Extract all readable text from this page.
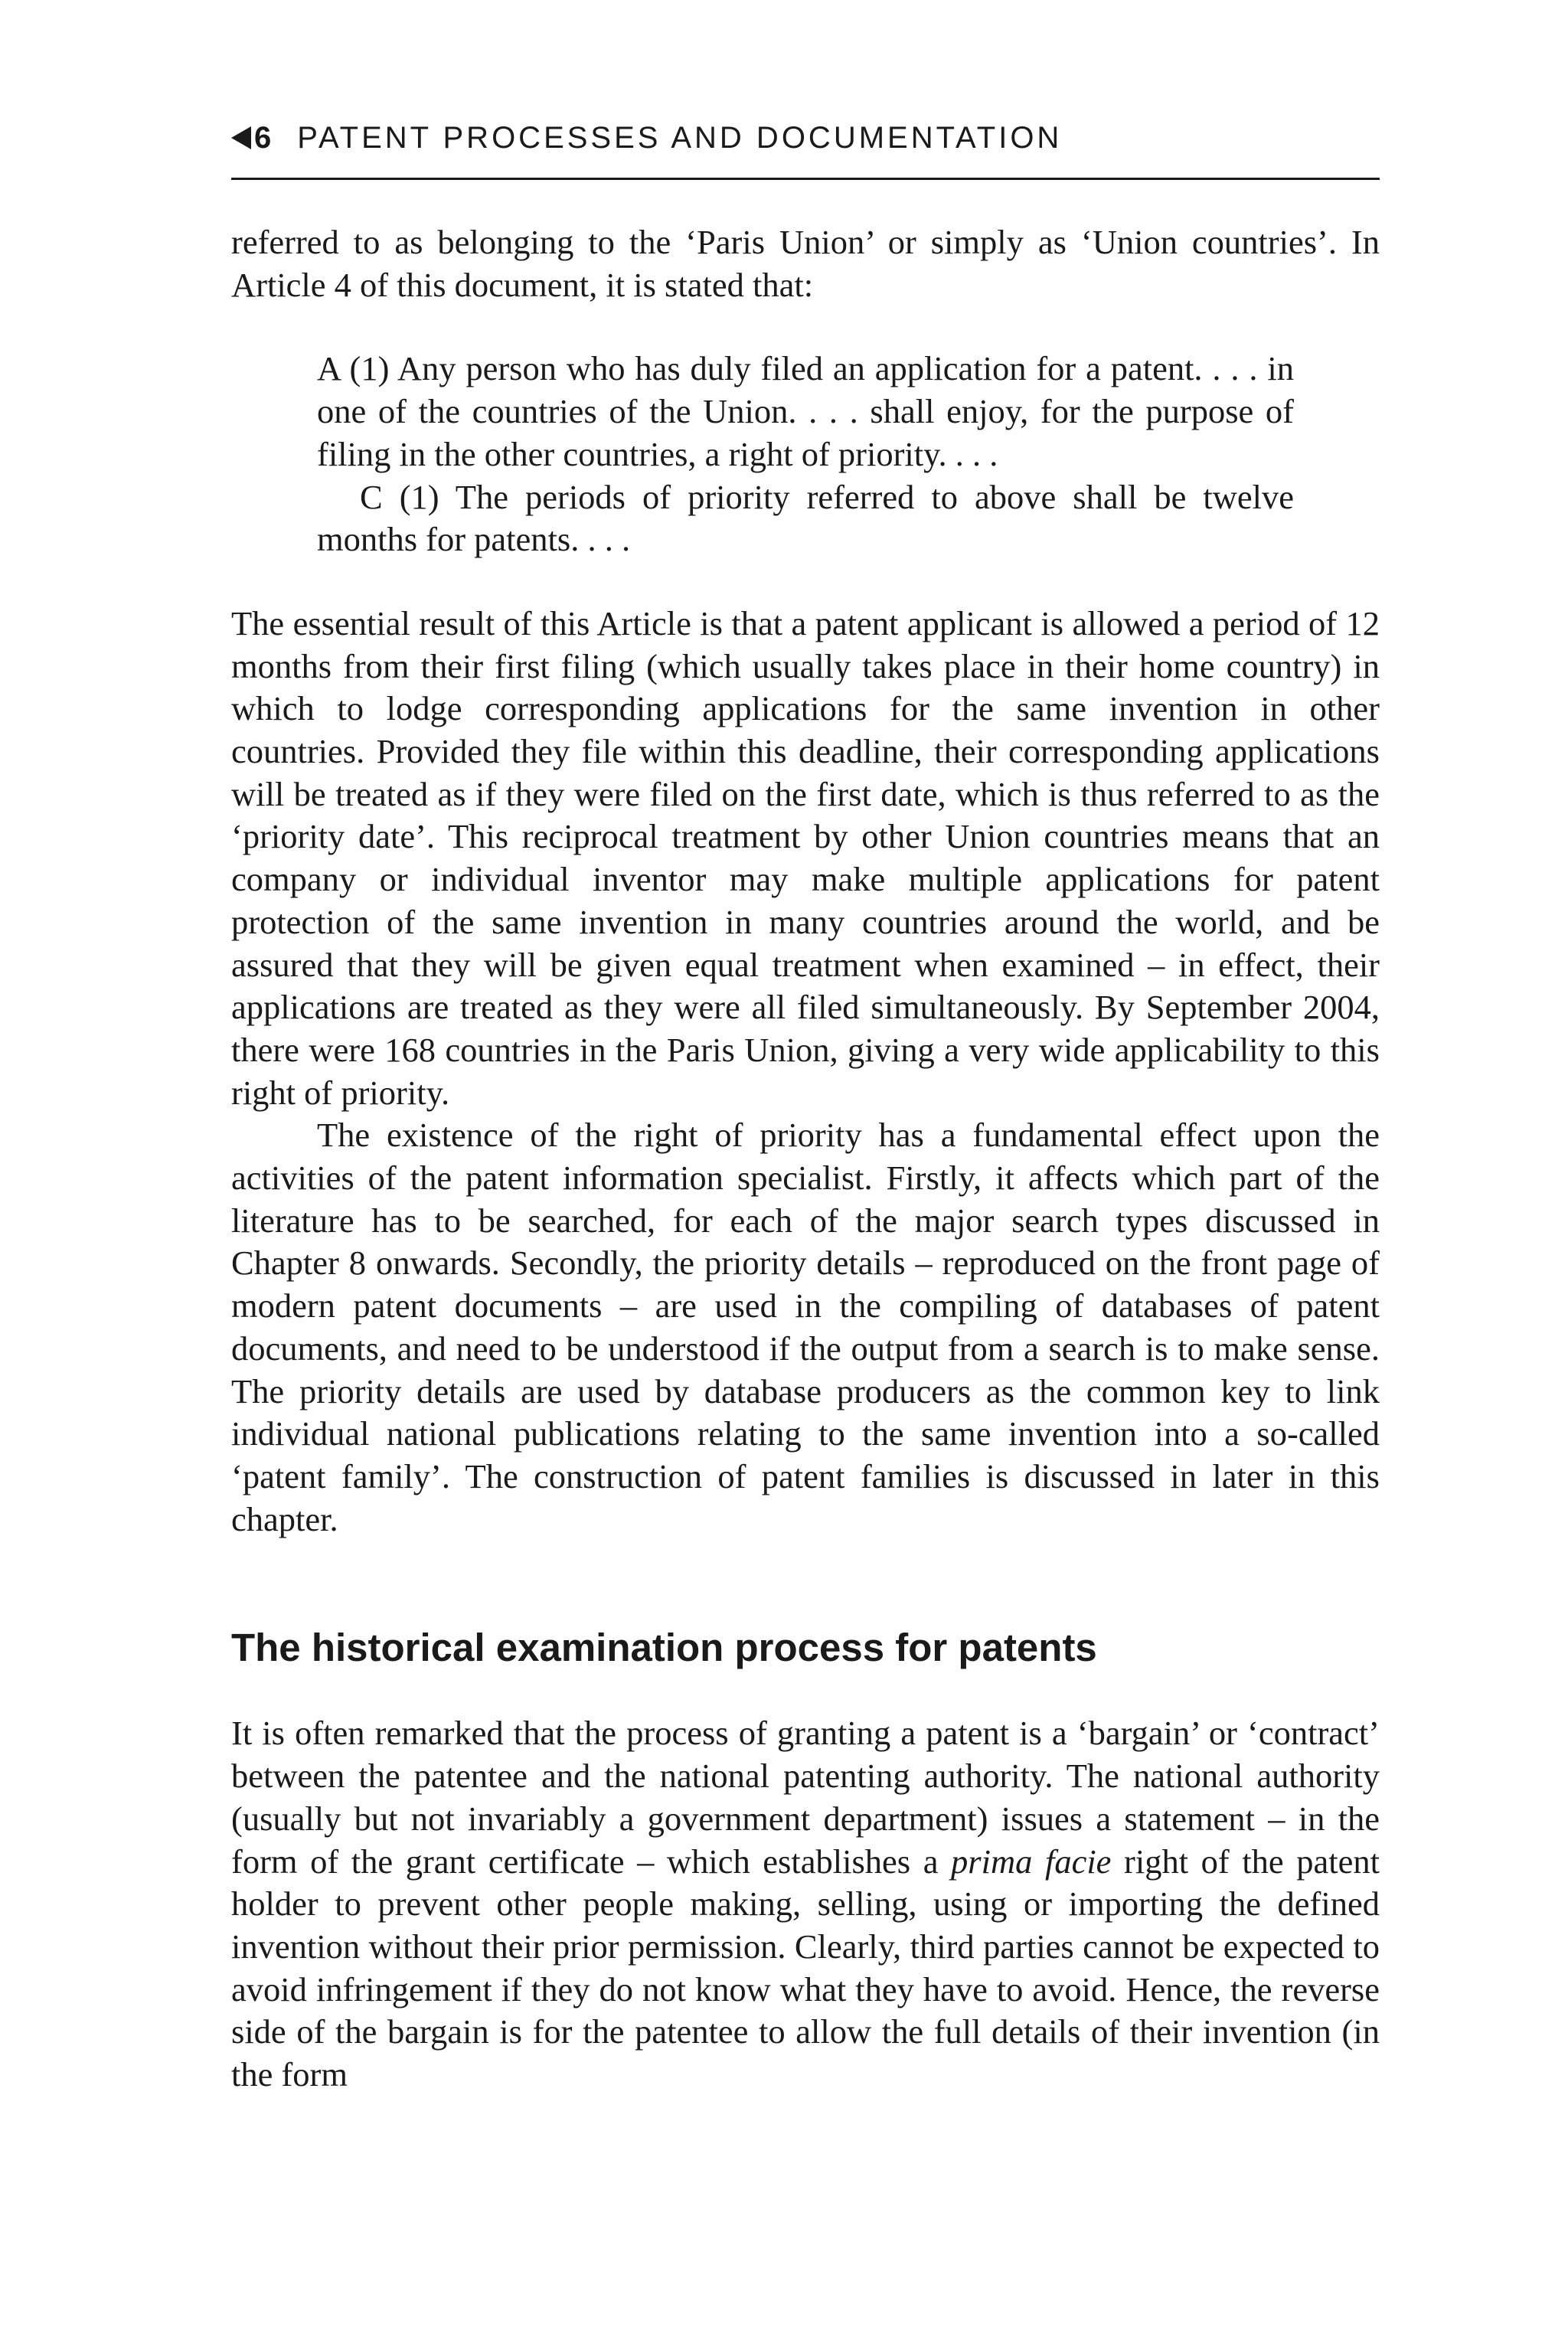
6 PATENT PROCESSES AND DOCUMENTATION

referred to as belonging to the ‘Paris Union’ or simply as ‘Union countries’. In Article 4 of this document, it is stated that:

A (1) Any person who has duly filed an application for a patent. . . . in one of the countries of the Union. . . . shall enjoy, for the purpose of filing in the other countries, a right of priority. . . .
C (1) The periods of priority referred to above shall be twelve months for patents. . . .

The essential result of this Article is that a patent applicant is allowed a period of 12 months from their first filing (which usually takes place in their home country) in which to lodge corresponding applications for the same invention in other countries. Provided they file within this deadline, their corresponding applications will be treated as if they were filed on the first date, which is thus referred to as the ‘priority date’. This reciprocal treatment by other Union countries means that an company or individual inventor may make multiple applications for patent protection of the same invention in many countries around the world, and be assured that they will be given equal treatment when examined – in effect, their applications are treated as they were all filed simultaneously. By September 2004, there were 168 countries in the Paris Union, giving a very wide applicability to this right of priority.

The existence of the right of priority has a fundamental effect upon the activities of the patent information specialist. Firstly, it affects which part of the literature has to be searched, for each of the major search types discussed in Chapter 8 onwards. Secondly, the priority details – reproduced on the front page of modern patent documents – are used in the compiling of databases of patent documents, and need to be understood if the output from a search is to make sense. The priority details are used by database producers as the common key to link individual national publications relating to the same invention into a so-called ‘patent family’. The construction of patent families is discussed in later in this chapter.

The historical examination process for patents

It is often remarked that the process of granting a patent is a ‘bargain’ or ‘contract’ between the patentee and the national patenting authority. The national authority (usually but not invariably a government department) issues a statement – in the form of the grant certificate – which establishes a prima facie right of the patent holder to prevent other people making, selling, using or importing the defined invention without their prior permission. Clearly, third parties cannot be expected to avoid infringement if they do not know what they have to avoid. Hence, the reverse side of the bargain is for the patentee to allow the full details of their invention (in the form
